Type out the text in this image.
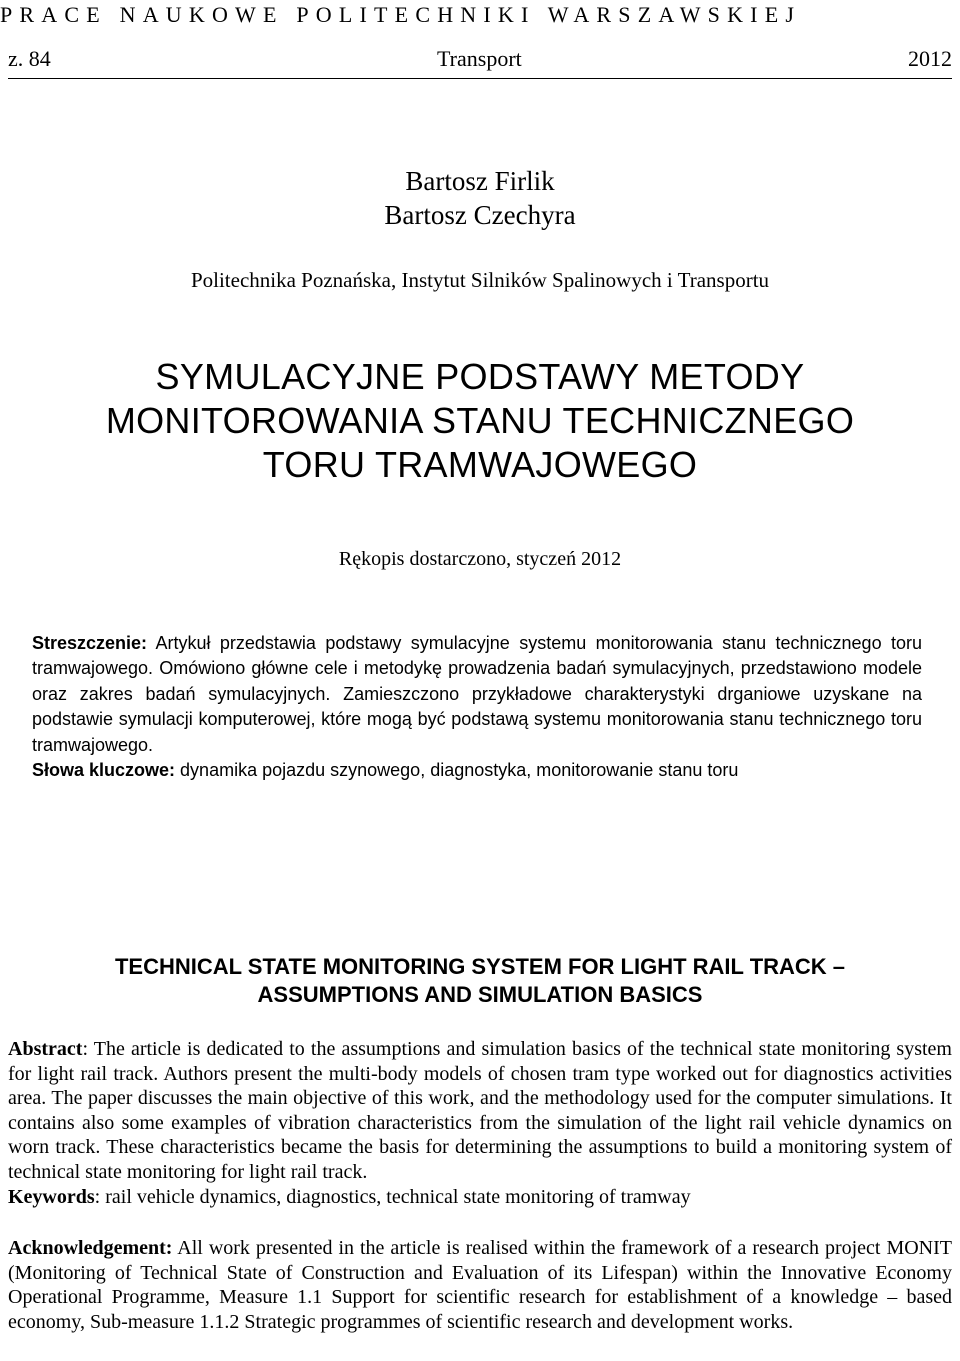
PRACE NAUKOWE POLITECHNIKI WARSZAWSKIEJ
z. 84	Transport	2012
Bartosz Firlik
Bartosz Czechyra
Politechnika Poznańska, Instytut Silników Spalinowych i Transportu
SYMULACYJNE PODSTAWY METODY
MONITOROWANIA STANU TECHNICZNEGO
TORU TRAMWAJOWEGO
Rękopis dostarczono, styczeń 2012

Streszczenie: Artykuł przedstawia podstawy symulacyjne systemu monitorowania stanu technicznego toru tramwajowego. Omówiono główne cele i metodykę prowadzenia badań symulacyjnych, przedstawiono modele oraz zakres badań symulacyjnych. Zamieszczono przykładowe charakterystyki drganiowe uzyskane na podstawie symulacji komputerowej, które mogą być podstawą systemu monitorowania stanu technicznego toru tramwajowego.

Słowa kluczowe: dynamika pojazdu szynowego, diagnostyka, monitorowanie stanu toru

TECHNICAL STATE MONITORING SYSTEM FOR LIGHT RAIL TRACK –
ASSUMPTIONS AND SIMULATION BASICS

Abstract: The article is dedicated to the assumptions and simulation basics of the technical state monitoring system for light rail track. Authors present the multi-body models of chosen tram type worked out for diagnostics activities area. The paper discusses the main objective of this work, and the methodology used for the computer simulations. It contains also some examples of vibration characteristics from the simulation of the light rail vehicle dynamics on worn track. These characteristics became the basis for determining the assumptions to build a monitoring system of technical state monitoring for light rail track.

Keywords: rail vehicle dynamics, diagnostics, technical state monitoring of tramway

Acknowledgement: All work presented in the article is realised within the framework of a research project MONIT (Monitoring of Technical State of Construction and Evaluation of its Lifespan) within the Innovative Economy Operational Programme, Measure 1.1 Support for scientific research for establishment of a knowledge – based economy, Sub-measure 1.1.2 Strategic programmes of scientific research and development works.
